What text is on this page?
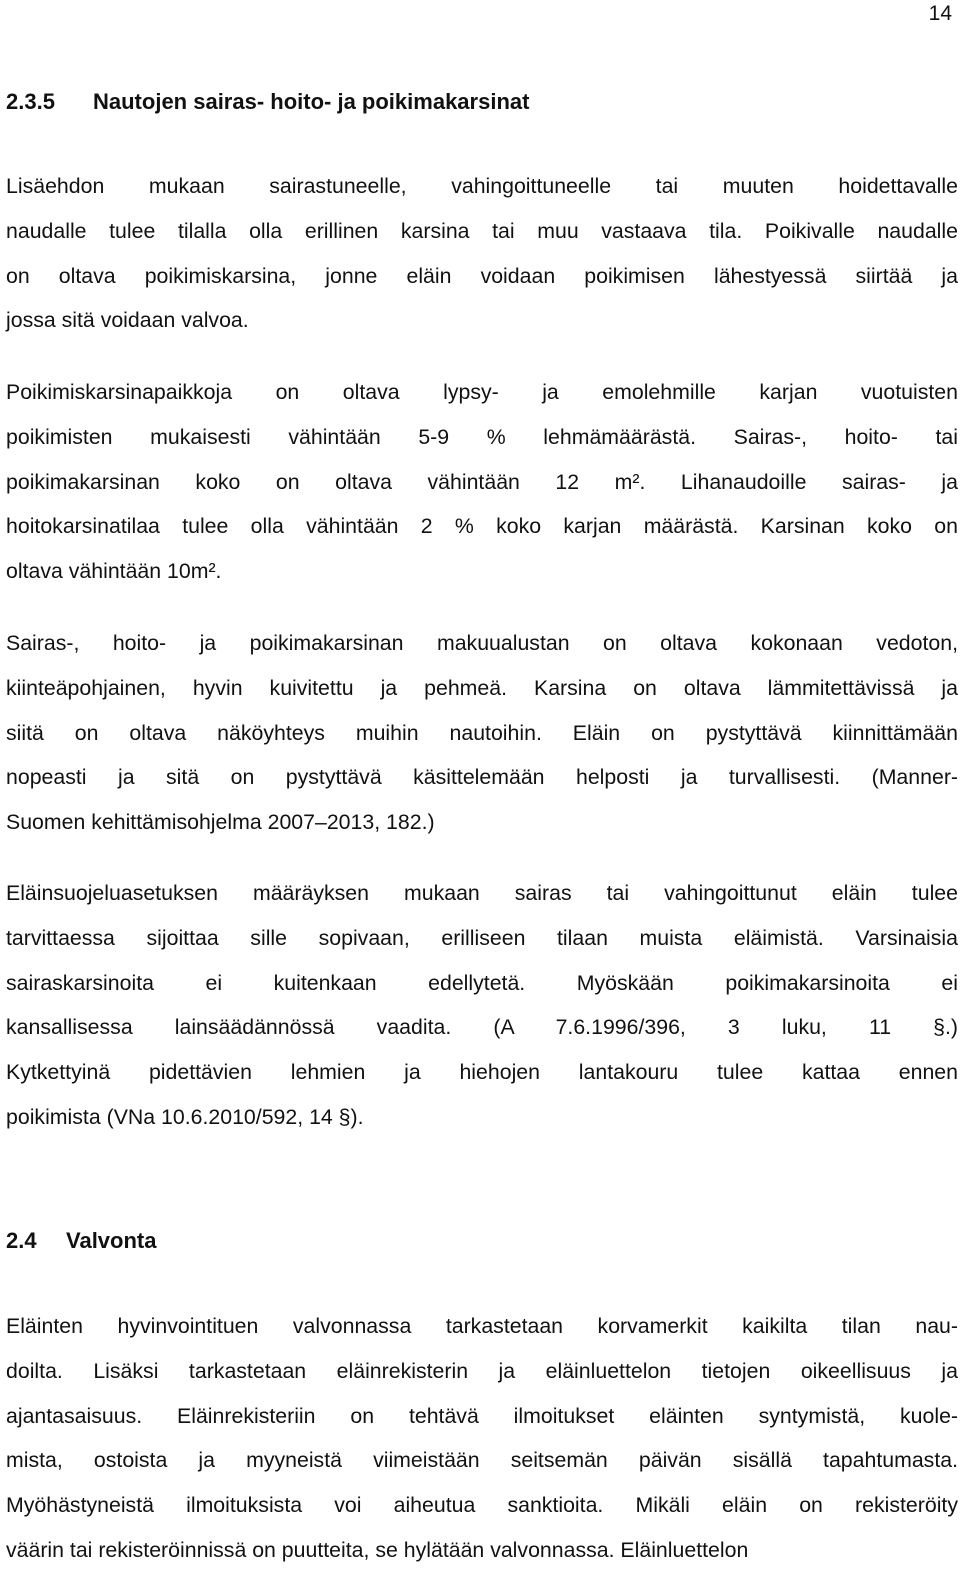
14
2.3.5 Nautojen sairas- hoito- ja poikimakarsinat

Lisäehdon mukaan sairastuneelle, vahingoittuneelle tai muuten hoidettavalle
naudalle tulee tilalla olla erillinen karsina tai muu vastaava tila. Poikivalle naudalle
on oltava poikimiskarsina, jonne eläin voidaan poikimisen lähestyessä siirtää ja
jossa sitä voidaan valvoa.

Poikimiskarsinapaikkoja on oltava lypsy- ja emolehmille karjan vuotuisten
poikimisten mukaisesti vähintään 5-9 % lehmämäärästä. Sairas-, hoito- tai
poikimakarsinan koko on oltava vähintään 12 m². Lihanaudoille sairas- ja
hoitokarsinatilaa tulee olla vähintään 2 % koko karjan määrästä. Karsinan koko on
oltava vähintään 10m².

Sairas-, hoito- ja poikimakarsinan makuualustan on oltava kokonaan vedoton,
kiinteäpohjainen, hyvin kuivitettu ja pehmeä. Karsina on oltava lämmitettävissä ja
siitä on oltava näköyhteys muihin nautoihin. Eläin on pystyttävä kiinnittämään
nopeasti ja sitä on pystyttävä käsittelemään helposti ja turvallisesti. (Manner-
Suomen kehittämisohjelma 2007–2013, 182.)

Eläinsuojeluasetuksen määräyksen mukaan sairas tai vahingoittunut eläin tulee
tarvittaessa sijoittaa sille sopivaan, erilliseen tilaan muista eläimistä. Varsinaisia
sairaskarsinoita ei kuitenkaan edellytetä. Myöskään poikimakarsinoita ei
kansallisessa lainsäädännössä vaadita. (A 7.6.1996/396, 3 luku, 11 §.)
Kytkettyinä pidettävien lehmien ja hiehojen lantakouru tulee kattaa ennen
poikimista (VNa 10.6.2010/592, 14 §).

2.4 Valvonta

Eläinten hyvinvointituen valvonnassa tarkastetaan korvamerkit kaikilta tilan nau-
doilta. Lisäksi tarkastetaan eläinrekisterin ja eläinluettelon tietojen oikeellisuus ja
ajantasaisuus. Eläinrekisteriin on tehtävä ilmoitukset eläinten syntymistä, kuole-
mista, ostoista ja myyneistä viimeistään seitsemän päivän sisällä tapahtumasta.
Myöhästyneistä ilmoituksista voi aiheutua sanktioita. Mikäli eläin on rekisteröity
väärin tai rekisteröinnissä on puutteita, se hylätään valvonnassa. Eläinluettelon
